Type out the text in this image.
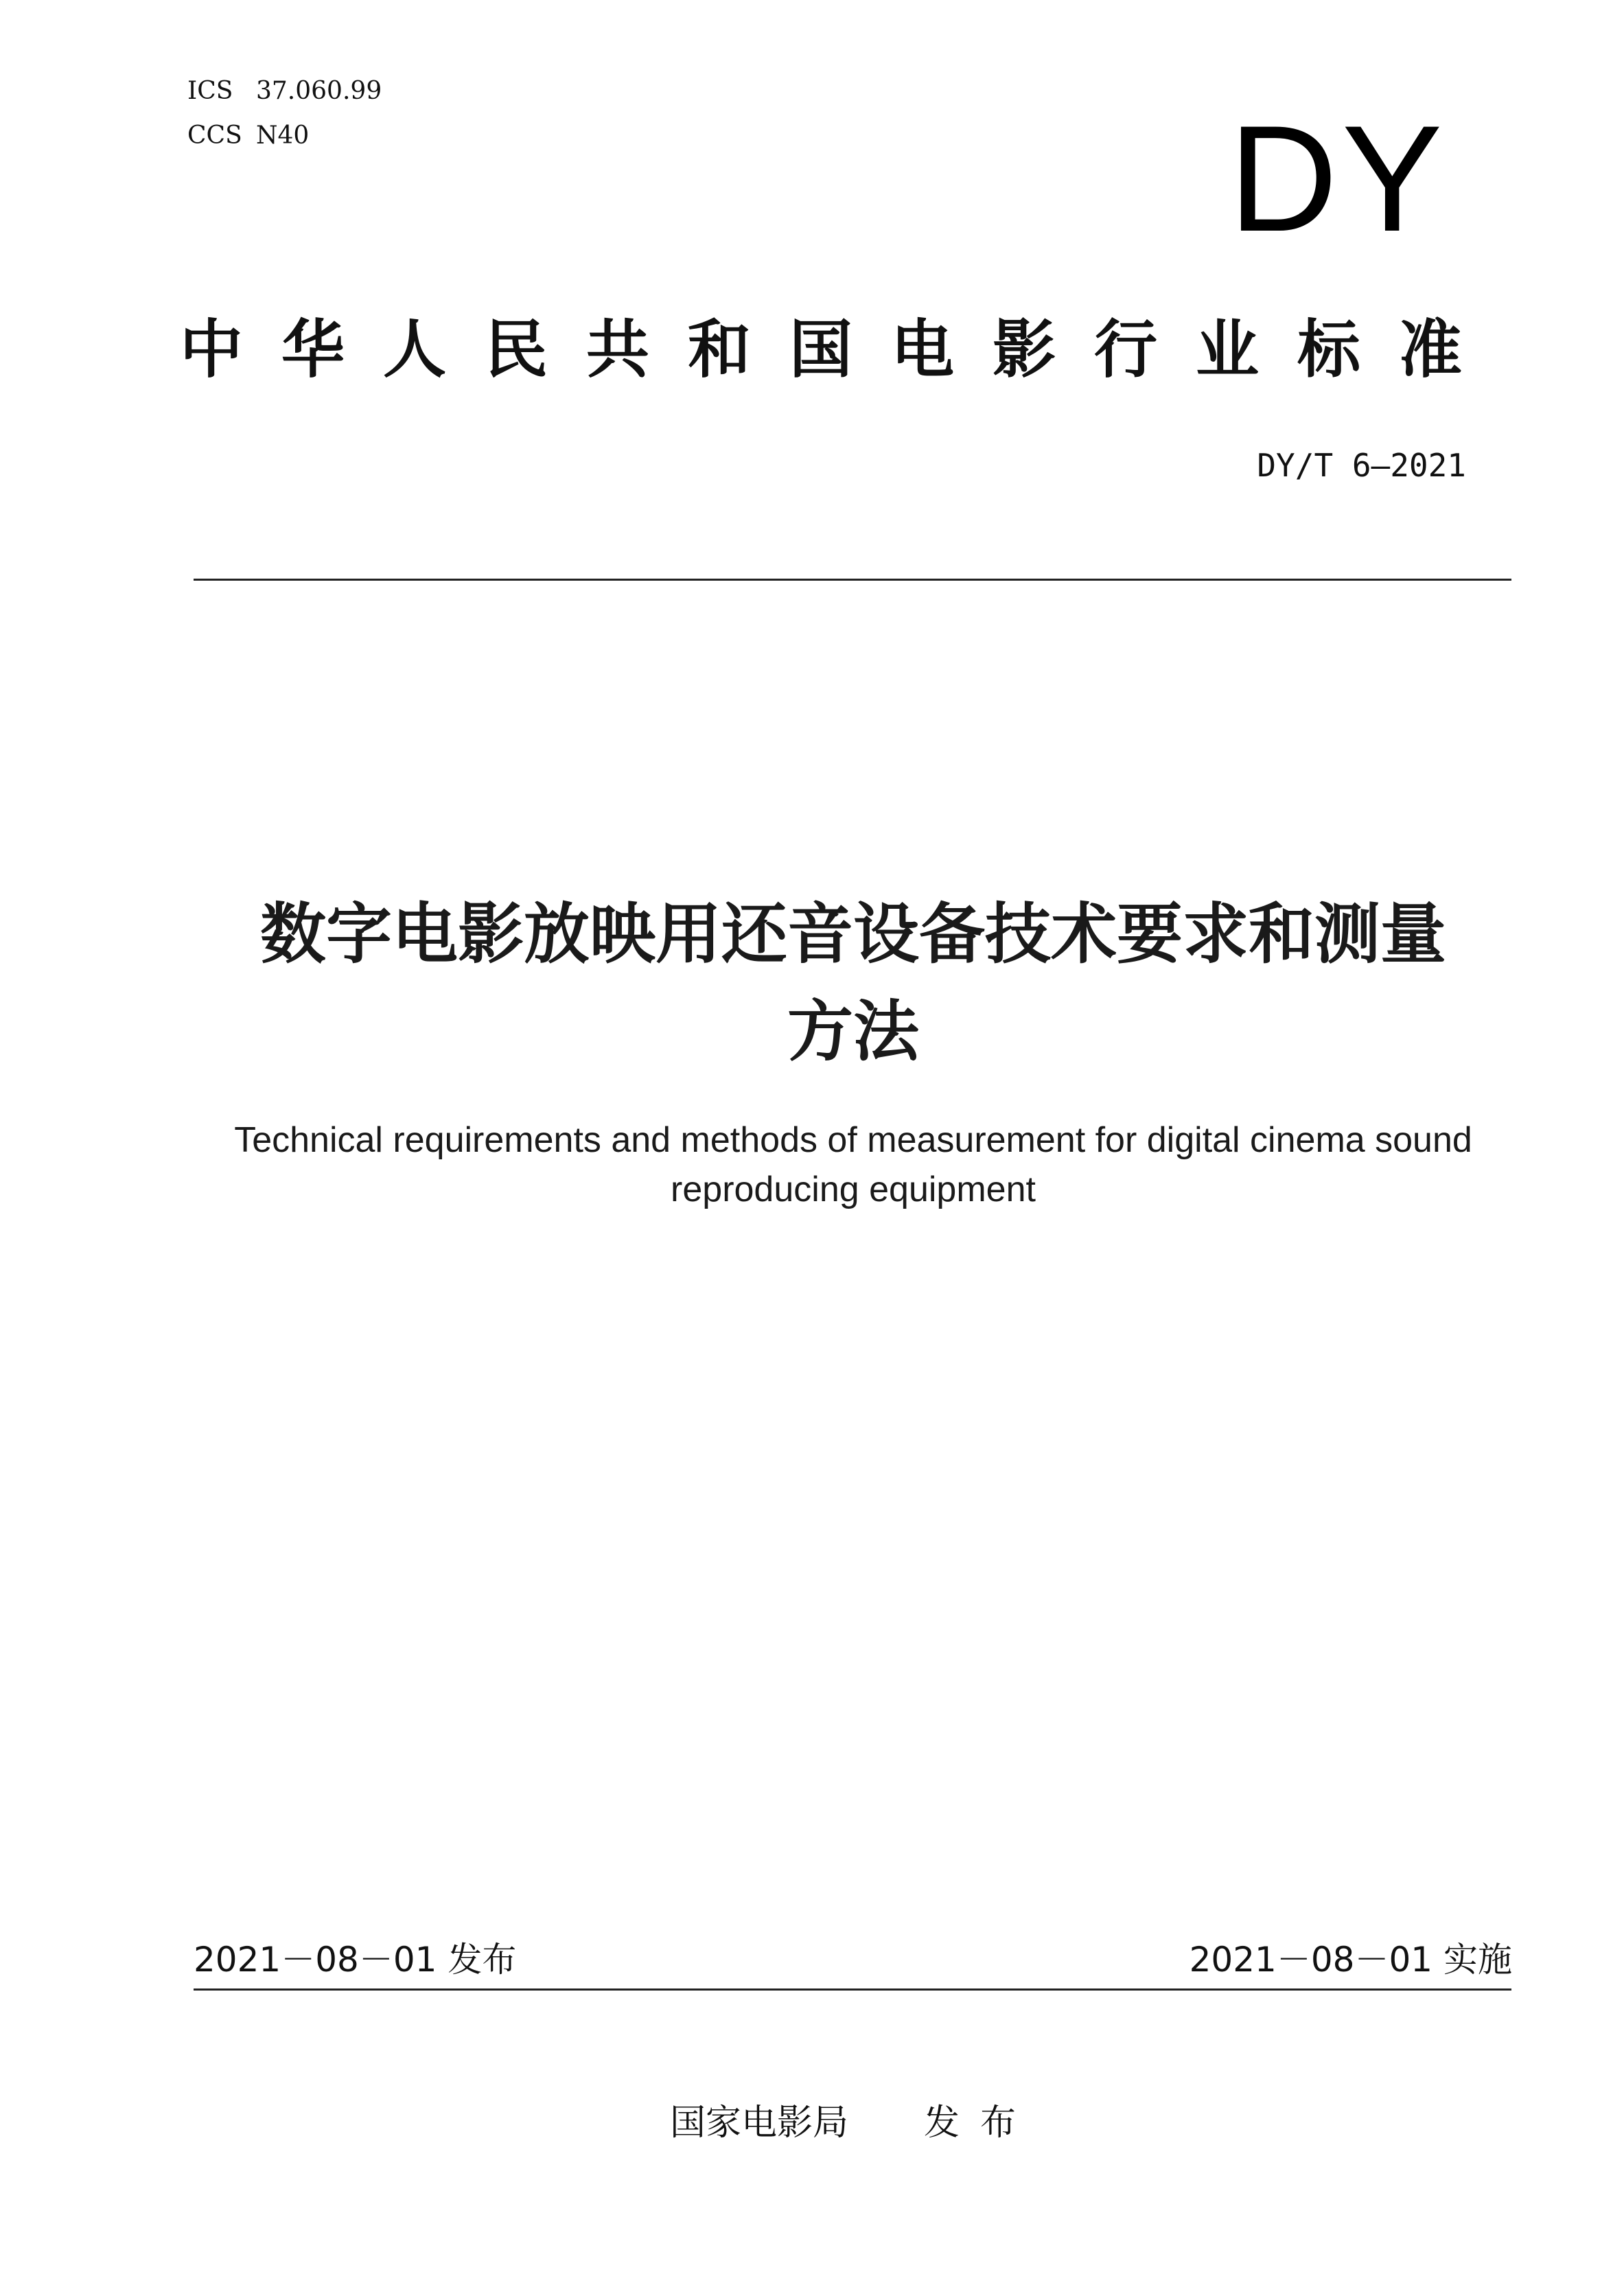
ICS 37.060.99
CCS N40	DY
中华人民共和国电影行业标准
DY/T 6—2021
数字电影放映用还音设备技术要求和测量
方法
Technical requirements and methods of measurement for digital cinema sound
reproducing equipment
2021－08－01 发布	2021－08－01 实施
国家电影局 发布
